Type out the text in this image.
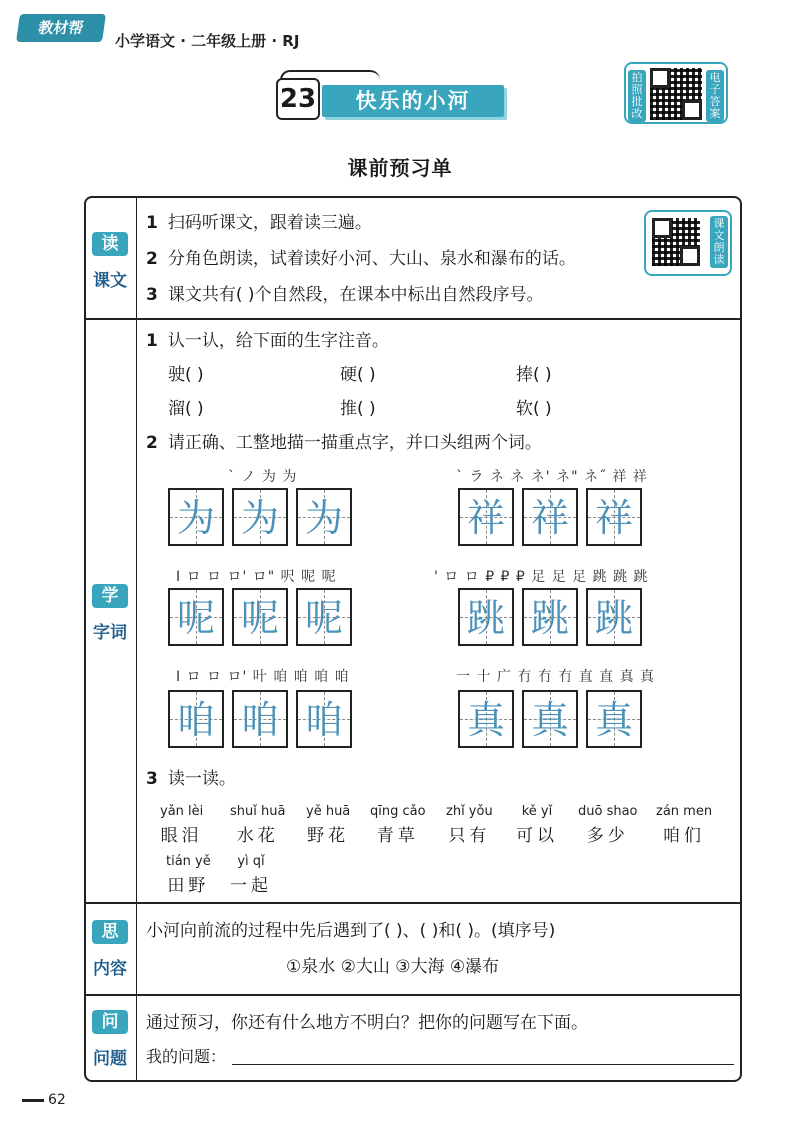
教材帮
小学语文 · 二年级上册 · RJ
23	快乐的小河
拍照批改
电子答案
课前预习单
读
课文
1 扫码听课文，跟着读三遍。
2 分角色朗读，试着读好小河、大山、泉水和瀑布的话。
3 课文共有( )个自然段，在课本中标出自然段序号。
课文朗读
学
字词
1 认一认，给下面的生字注音。
驶( )	硬( )	捧( )
溜( )	推( )	软( )
2 请正确、工整地描一描重点字，并口头组两个词。
` ノ 为 为
为 为 为
` ラ ネ ネ ネ' ネ" ネ˝ 祥 祥
祥 祥 祥
I ロ ロ ロ' ロ" 呎 呢 呢
呢 呢 呢
' ロ ロ ₽ ₽ ₽ 足 足 足 跳 跳 跳
跳 跳 跳
I ロ ロ ロ' 叶 咱 咱 咱 咱
咱 咱 咱
一 十 广 冇 冇 冇 直 直 真 真
真 真 真
3 读一读。
yǎn lèi
眼泪
shuǐ huā
水花
yě huā
野花
qīng cǎo
青草
zhǐ yǒu
只有
kě yǐ
可以
duō shao
多少
zán men
咱们
tián yě
田野
yì qǐ
一起
思
内容
小河向前流的过程中先后遇到了( )、( )和( )。(填序号)
①泉水 ②大山 ③大海 ④瀑布
问
问题
通过预习，你还有什么地方不明白？把你的问题写在下面。
我的问题：
62
